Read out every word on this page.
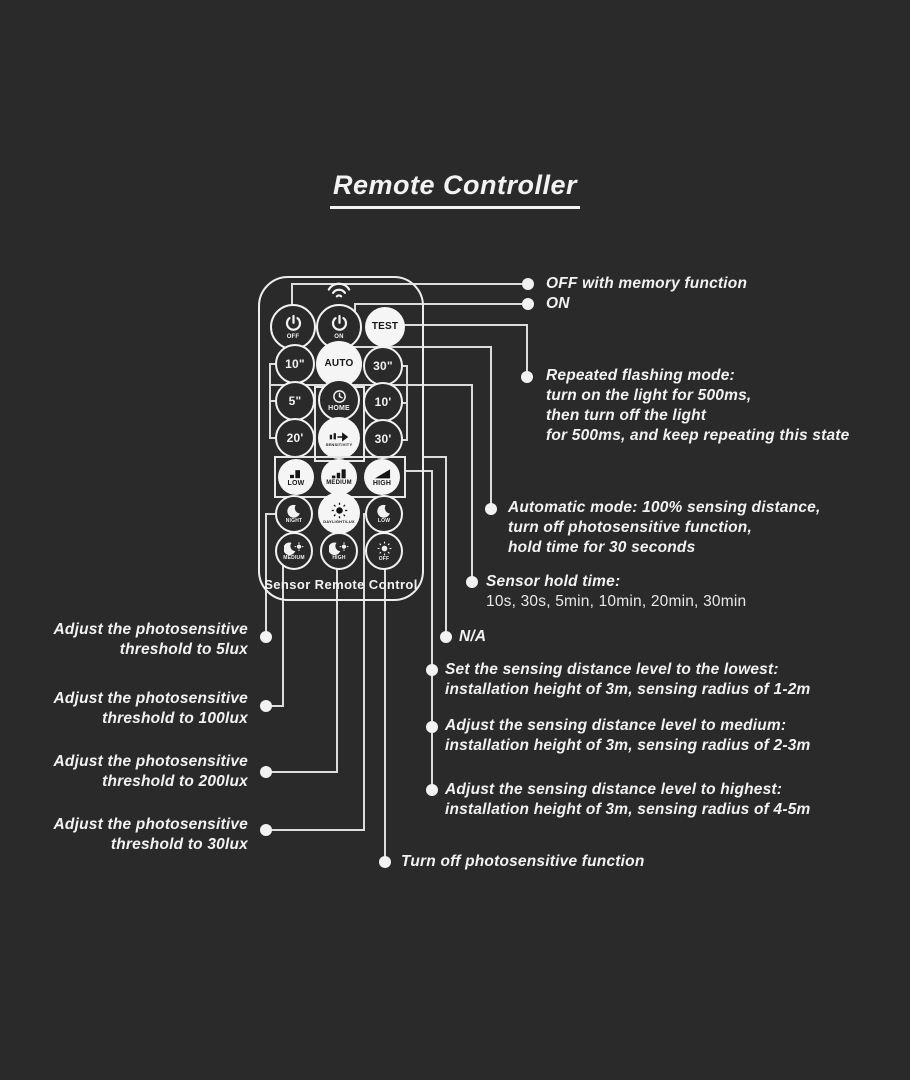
Remote Controller
OFF	ON
TEST
10" AUTO 30"
5"	HOME 10'
20'	SENSITIVITY 30'
LOW	MEDIUM	HIGH
NIGHT	DAYLIGHT/LUX	LOW
MEDIUM	HIGH	OFF
Sensor Remote Control
OFF with memory function
ON
Repeated flashing mode:
turn on the light for 500ms,
then turn off the light
for 500ms, and keep repeating this state
Automatic mode: 100% sensing distance,
turn off photosensitive function,
hold time for 30 seconds
Sensor hold time:
10s, 30s, 5min, 10min, 20min, 30min
N/A
Set the sensing distance level to the lowest:
installation height of 3m, sensing radius of 1-2m
Adjust the sensing distance level to medium:
installation height of 3m, sensing radius of 2-3m
Adjust the sensing distance level to highest:
installation height of 3m, sensing radius of 4-5m
Turn off photosensitive function
Adjust the photosensitive
threshold to 5lux
Adjust the photosensitive
threshold to 100lux
Adjust the photosensitive
threshold to 200lux
Adjust the photosensitive
threshold to 30lux
